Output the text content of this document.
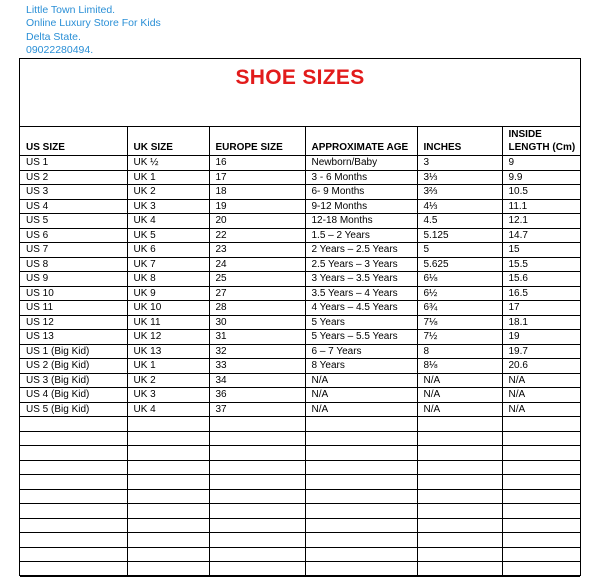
Little Town Limited.
Online Luxury Store For Kids
Delta State.
09022280494.
SHOE SIZES
US SIZE	UK SIZE	EUROPE SIZE	APPROXIMATE AGE	INCHES	INSIDE LENGTH (Cm)
US 1	UK ½	16	Newborn/Baby	3	9
US 2	UK 1	17	3 - 6 Months	3⅓	9.9
US 3	UK 2	18	6- 9 Months	3⅔	10.5
US 4	UK 3	19	9-12 Months	4⅓	11.1
US 5	UK 4	20	12-18 Months	4.5	12.1
US 6	UK 5	22	1.5 – 2 Years	5.125	14.7
US 7	UK 6	23	2 Years – 2.5 Years	5	15
US 8	UK 7	24	2.5 Years – 3 Years	5.625	15.5
US 9	UK 8	25	3 Years – 3.5 Years	6⅛	15.6
US 10	UK 9	27	3.5 Years – 4 Years	6½	16.5
US 11	UK 10	28	4 Years – 4.5 Years	6¾	17
US 12	UK 11	30	5 Years	7⅛	18.1
US 13	UK 12	31	5 Years – 5.5 Years	7½	19
US 1 (Big Kid)	UK 13	32	6 – 7 Years	8	19.7
US 2 (Big Kid)	UK 1	33	8 Years	8⅛	20.6
US 3 (Big Kid)	UK 2	34	N/A	N/A	N/A
US 4 (Big Kid)	UK 3	36	N/A	N/A	N/A
US 5 (Big Kid)	UK 4	37	N/A	N/A	N/A
